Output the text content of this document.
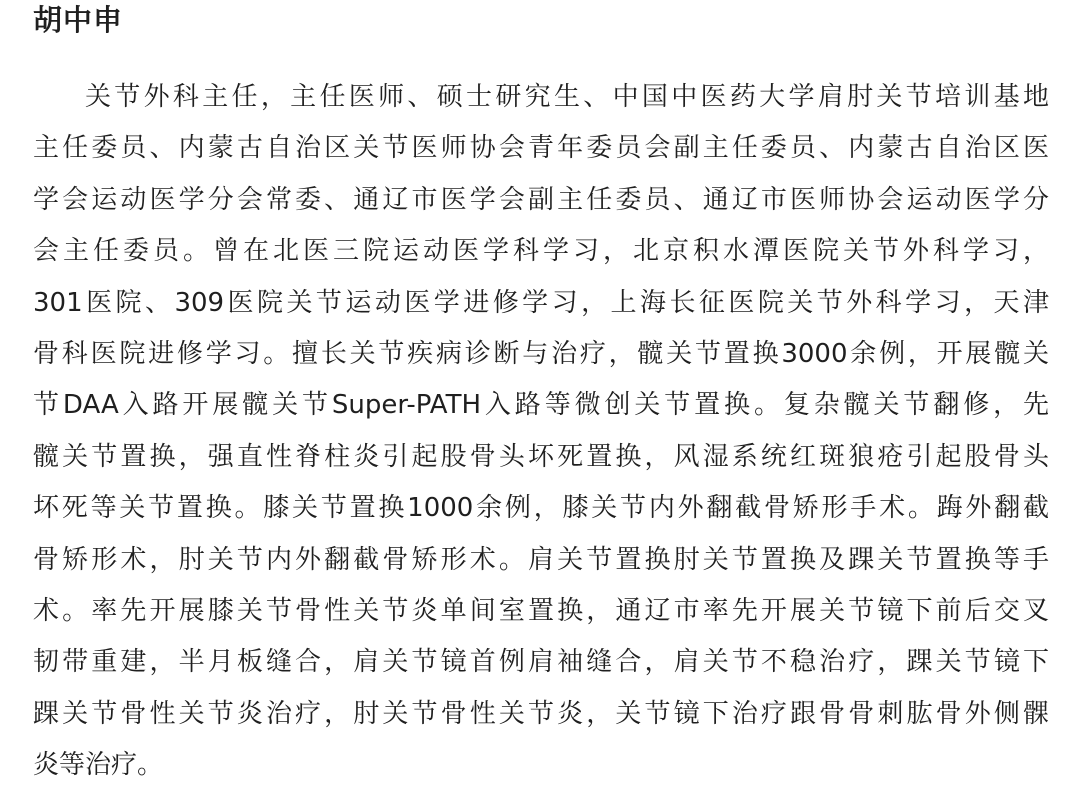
胡中申
关节外科主任，主任医师、硕士研究生、中国中医药大学肩肘关节培训基地
主任委员、内蒙古自治区关节医师协会青年委员会副主任委员、内蒙古自治区医
学会运动医学分会常委、通辽市医学会副主任委员、通辽市医师协会运动医学分
会主任委员。曾在北医三院运动医学科学习，北京积水潭医院关节外科学习，
301医院、309医院关节运动医学进修学习，上海长征医院关节外科学习，天津
骨科医院进修学习。擅长关节疾病诊断与治疗，髋关节置换3000余例，开展髋关
节DAA入路开展髋关节Super-PATH入路等微创关节置换。复杂髋关节翻修，先
髋关节置换，强直性脊柱炎引起股骨头坏死置换，风湿系统红斑狼疮引起股骨头
坏死等关节置换。膝关节置换1000余例，膝关节内外翻截骨矫形手术。踇外翻截
骨矫形术，肘关节内外翻截骨矫形术。肩关节置换肘关节置换及踝关节置换等手
术。率先开展膝关节骨性关节炎单间室置换，通辽市率先开展关节镜下前后交叉
韧带重建，半月板缝合，肩关节镜首例肩袖缝合，肩关节不稳治疗，踝关节镜下
踝关节骨性关节炎治疗，肘关节骨性关节炎，关节镜下治疗跟骨骨刺肱骨外侧髁
炎等治疗。
